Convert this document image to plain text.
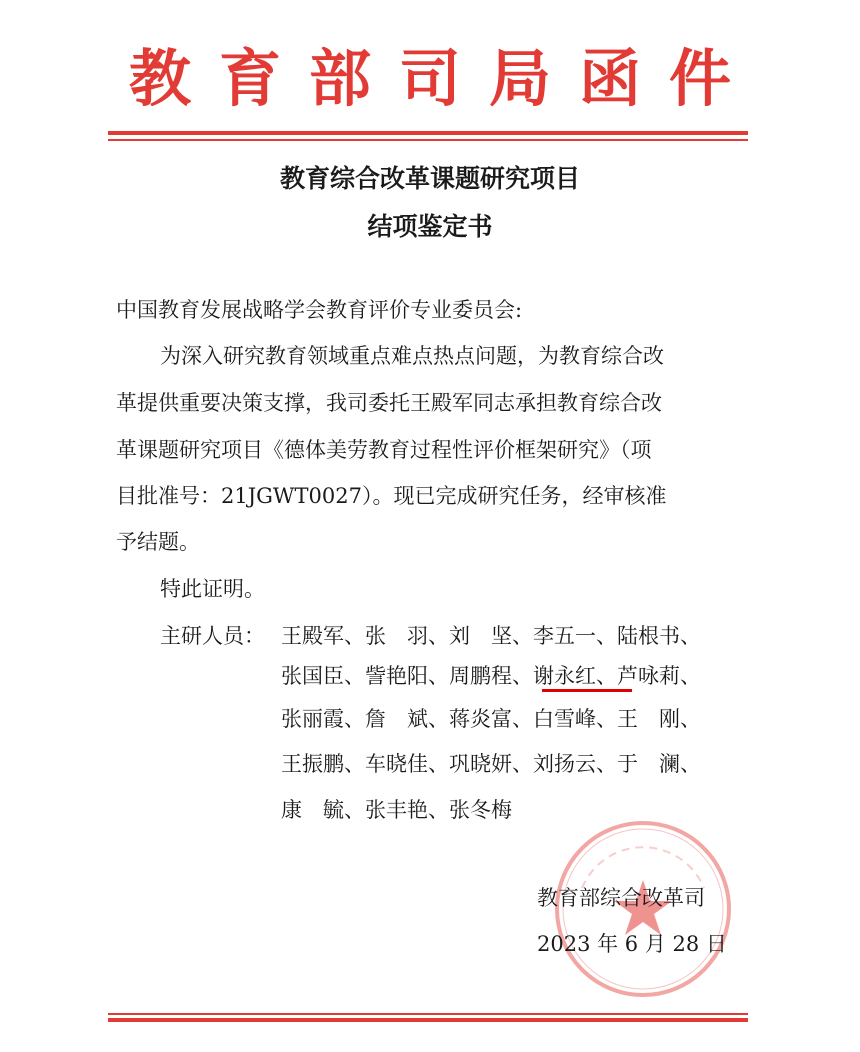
教育部司局函件
教育综合改革课题研究项目
结项鉴定书
中国教育发展战略学会教育评价专业委员会:
为深入研究教育领域重点难点热点问题，为教育综合改
革提供重要决策支撑，我司委托王殿军同志承担教育综合改
革课题研究项目《德体美劳教育过程性评价框架研究》（项
目批准号：21JGWT0027）。现已完成研究任务，经审核准
予结题。
特此证明。
主研人员： 王殿军、张　羽、刘　坚、李五一、陆根书、
张国臣、訾艳阳、周鹏程、谢永红、芦咏莉、
张丽霞、詹　斌、蒋炎富、白雪峰、王　刚、
王振鹏、车晓佳、巩晓妍、刘扬云、于　澜、
康　毓、张丰艳、张冬梅
教育部综合改革司
2023 年 6 月 28 日
